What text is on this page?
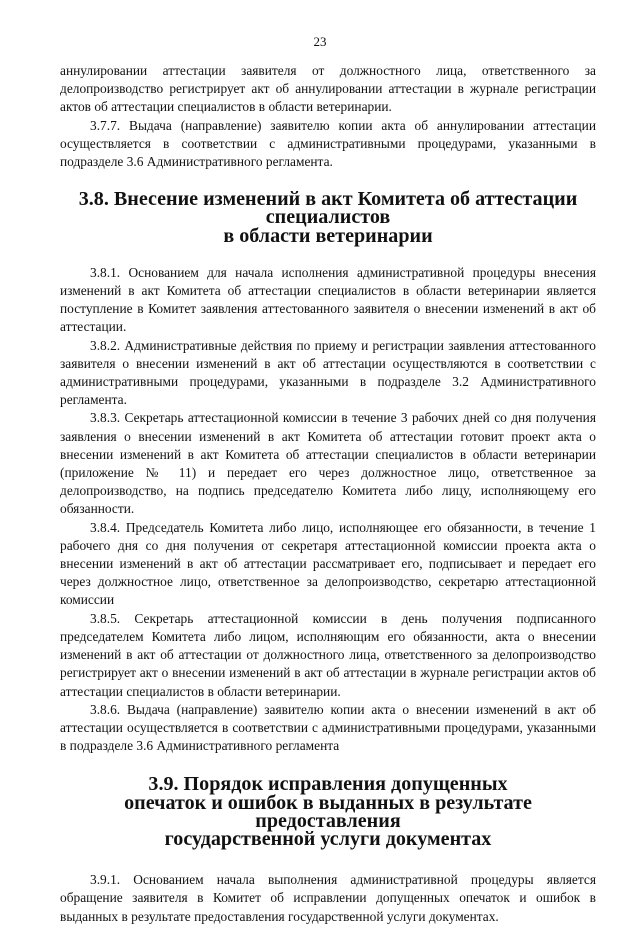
23

аннулировании аттестации заявителя от должностного лица, ответственного за делопроизводство регистрирует акт об аннулировании аттестации в журнале регистрации актов об аттестации специалистов в области ветеринарии.

3.7.7. Выдача (направление) заявителю копии акта об аннулировании аттестации осуществляется в соответствии с административными процедурами, указанными в подразделе 3.6 Административного регламента.

3.8. Внесение изменений в акт Комитета об аттестации специалистов
в области ветеринарии

3.8.1. Основанием для начала исполнения административной процедуры внесения изменений в акт Комитета об аттестации специалистов в области ветеринарии является поступление в Комитет заявления аттестованного заявителя о внесении изменений в акт об аттестации.

3.8.2. Административные действия по приему и регистрации заявления аттестованного заявителя о внесении изменений в акт об аттестации осуществляются в соответствии с административными процедурами, указанными в подразделе 3.2 Административного регламента.

3.8.3. Секретарь аттестационной комиссии в течение 3 рабочих дней со дня получения заявления о внесении изменений в акт Комитета об аттестации готовит проект акта о внесении изменений в акт Комитета об аттестации специалистов в области ветеринарии (приложение № 11) и передает его через должностное лицо, ответственное за делопроизводство, на подпись председателю Комитета либо лицу, исполняющему его обязанности.

3.8.4. Председатель Комитета либо лицо, исполняющее его обязанности, в течение 1 рабочего дня со дня получения от секретаря аттестационной комиссии проекта акта о внесении изменений в акт об аттестации рассматривает его, подписывает и передает его через должностное лицо, ответственное за делопроизводство, секретарю аттестационной комиссии

3.8.5. Секретарь аттестационной комиссии в день получения подписанного председателем Комитета либо лицом, исполняющим его обязанности, акта о внесении изменений в акт об аттестации от должностного лица, ответственного за делопроизводство регистрирует акт о внесении изменений в акт об аттестации в журнале регистрации актов об аттестации специалистов в области ветеринарии.

3.8.6. Выдача (направление) заявителю копии акта о внесении изменений в акт об аттестации осуществляется в соответствии с административными процедурами, указанными в подразделе 3.6 Административного регламента

3.9. Порядок исправления допущенных
опечаток и ошибок в выданных в результате предоставления
государственной услуги документах

3.9.1. Основанием начала выполнения административной процедуры является обращение заявителя в Комитет об исправлении допущенных опечаток и ошибок в выданных в результате предоставления государственной услуги документах.
